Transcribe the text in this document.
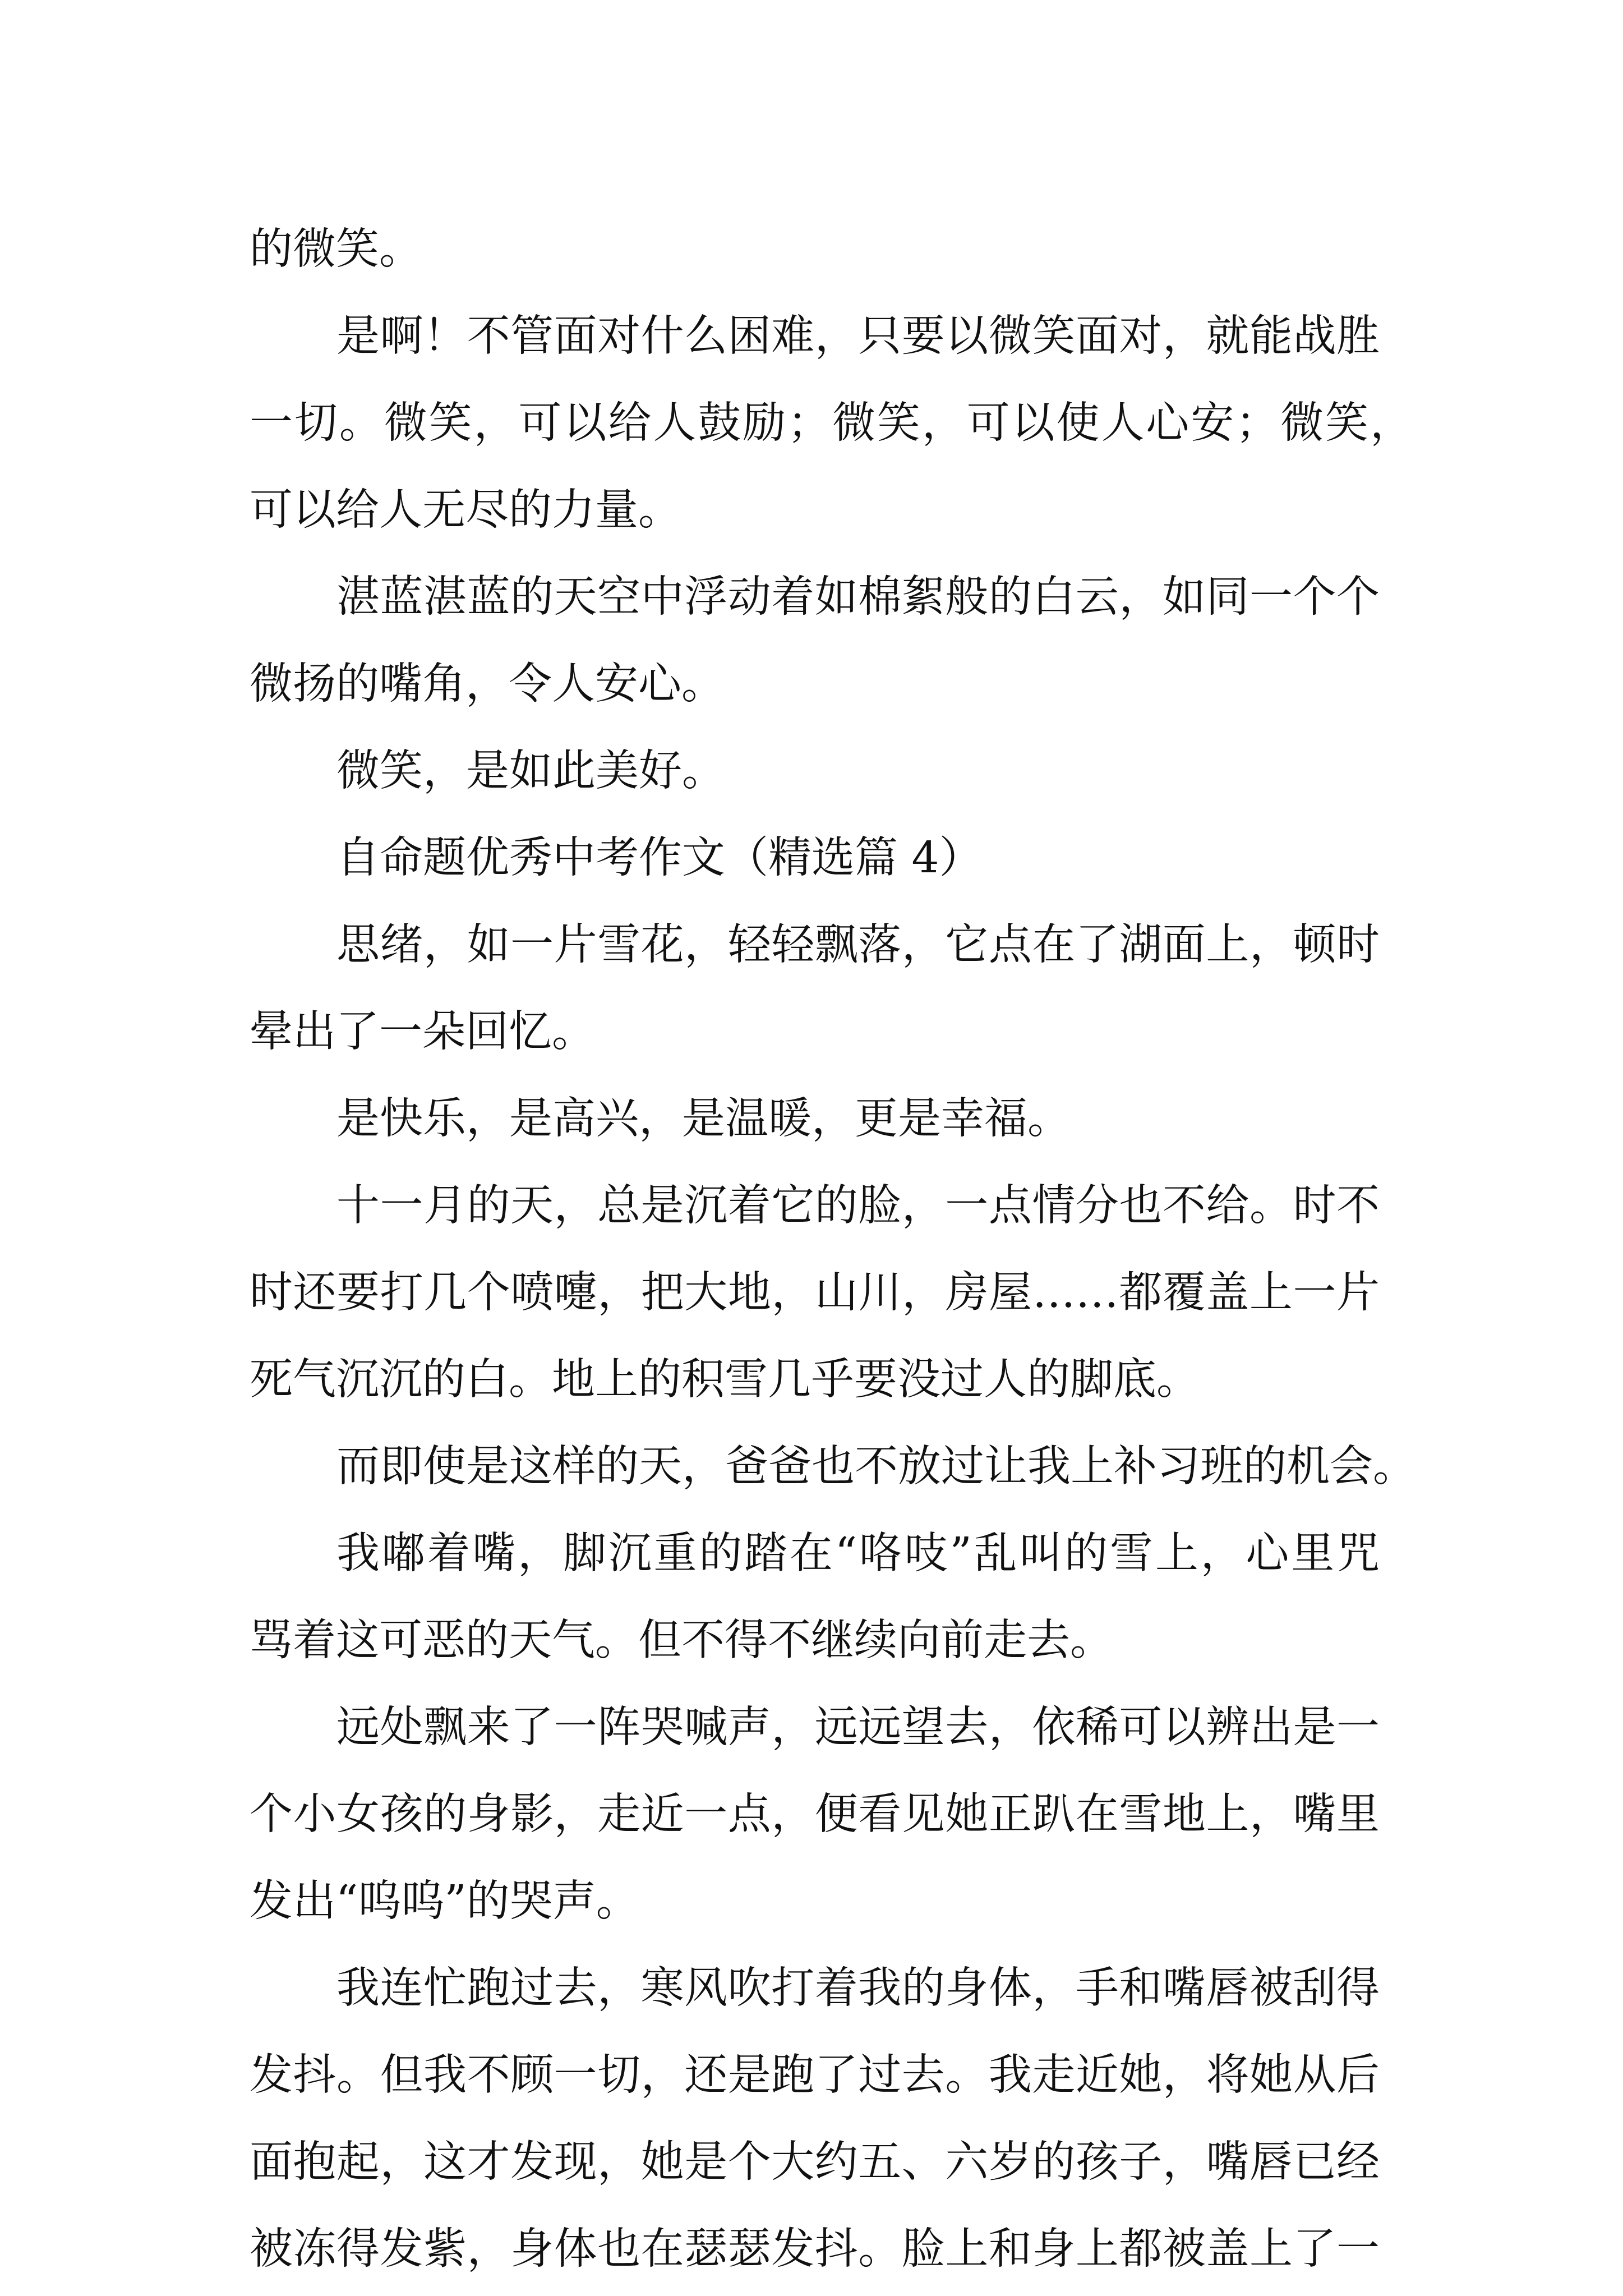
的微笑。

是啊！不管面对什么困难，只要以微笑面对，就能战胜

一切。微笑，可以给人鼓励；微笑，可以使人心安；微笑，

可以给人无尽的力量。

湛蓝湛蓝的天空中浮动着如棉絮般的白云，如同一个个

微扬的嘴角，令人安心。

微笑，是如此美好。

自命题优秀中考作文（精选篇 4）

思绪，如一片雪花，轻轻飘落，它点在了湖面上，顿时

晕出了一朵回忆。

是快乐，是高兴，是温暖，更是幸福。

十一月的天，总是沉着它的脸，一点情分也不给。时不

时还要打几个喷嚏，把大地，山川，房屋……都覆盖上一片

死气沉沉的白。地上的积雪几乎要没过人的脚底。

而即使是这样的天，爸爸也不放过让我上补习班的机会。

我嘟着嘴，脚沉重的踏在“咯吱”乱叫的雪上，心里咒

骂着这可恶的天气。但不得不继续向前走去。

远处飘来了一阵哭喊声，远远望去，依稀可以辨出是一

个小女孩的身影，走近一点，便看见她正趴在雪地上，嘴里

发出“呜呜”的哭声。

我连忙跑过去，寒风吹打着我的身体，手和嘴唇被刮得

发抖。但我不顾一切，还是跑了过去。我走近她，将她从后

面抱起，这才发现，她是个大约五、六岁的孩子，嘴唇已经

被冻得发紫，身体也在瑟瑟发抖。脸上和身上都被盖上了一
